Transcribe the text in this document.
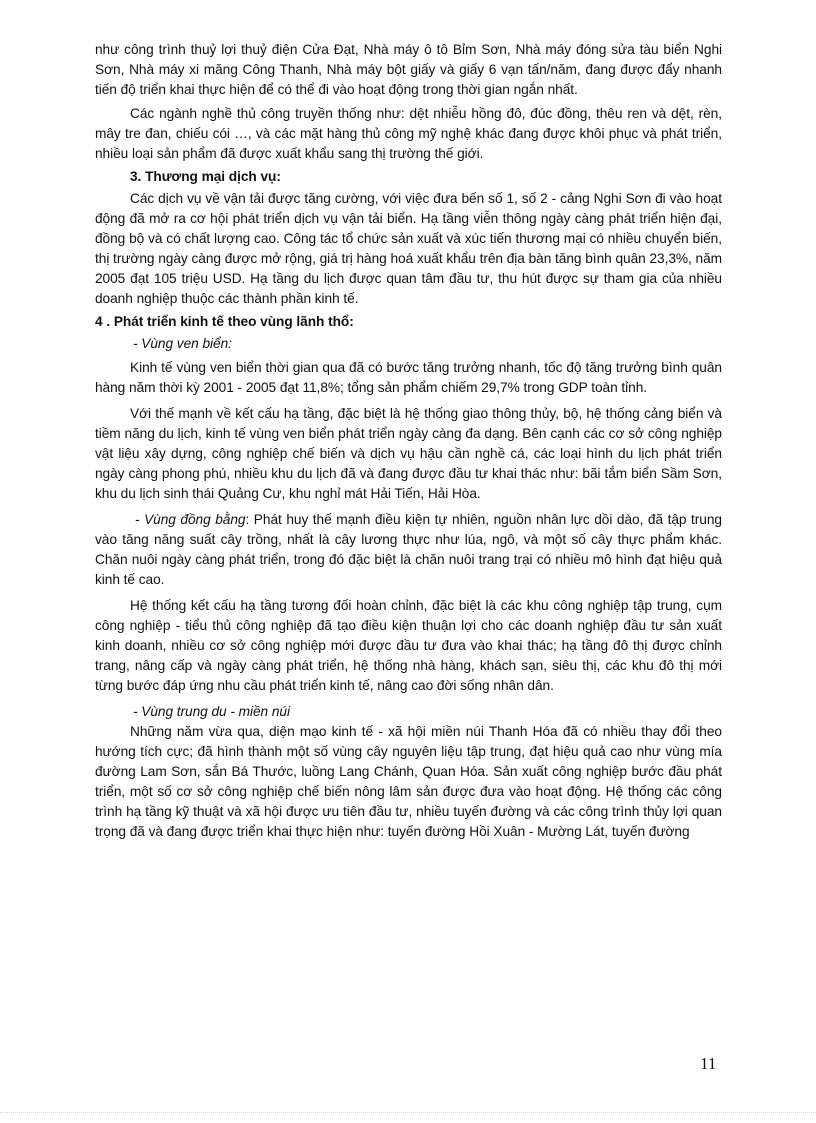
như công trình thuỷ lợi thuỷ điện Cửa Đạt, Nhà máy ô tô Bỉm Sơn, Nhà máy đóng sửa tàu biển Nghi Sơn, Nhà máy xi măng Công Thanh, Nhà máy bột giấy và giấy 6 vạn tấn/năm, đang được đẩy nhanh tiến độ triển khai thực hiện để có thể đi vào hoạt động trong thời gian ngắn nhất.

Các ngành nghề thủ công truyền thống như: dệt nhiễu hồng đô, đúc đồng, thêu ren và dệt, rèn, mây tre đan, chiếu cói …, và các mặt hàng thủ công mỹ nghệ khác đang được khôi phục và phát triển, nhiều loại sản phẩm đã được xuất khẩu sang thị trường thế giới.

3. Thương mại dịch vụ:

Các dịch vụ về vận tải được tăng cường, với việc đưa bến số 1, số 2 - cảng Nghi Sơn đi vào hoạt động đã mở ra cơ hội phát triển dịch vụ vận tải biển. Hạ tầng viễn thông ngày càng phát triển hiện đại, đồng bộ và có chất lượng cao. Công tác tổ chức sản xuất và xúc tiến thương mại có nhiều chuyển biến, thị trường ngày càng được mở rộng, giá trị hàng hoá xuất khẩu trên địa bàn tăng bình quân 23,3%, năm 2005 đạt 105 triệu USD. Hạ tầng du lịch được quan tâm đầu tư, thu hút được sự tham gia của nhiều doanh nghiệp thuộc các thành phần kinh tế.

4 . Phát triển kinh tế theo vùng lãnh thổ:

- Vùng ven biển:

Kinh tế vùng ven biển thời gian qua đã có bước tăng trưởng nhanh, tốc độ tăng trưởng bình quân hàng năm thời kỳ 2001 - 2005 đạt 11,8%; tổng sản phẩm chiếm 29,7% trong GDP toàn tỉnh.

Với thế mạnh về kết cấu hạ tầng, đặc biệt là hệ thống giao thông thủy, bộ, hệ thống cảng biển và tiềm năng du lịch, kinh tế vùng ven biển phát triển ngày càng đa dạng. Bên cạnh các cơ sở công nghiệp vật liệu xây dựng, công nghiệp chế biến và dịch vụ hậu cần nghề cá, các loại hình du lịch phát triển ngày càng phong phú, nhiều khu du lịch đã và đang được đầu tư khai thác như: bãi tắm biển Sầm Sơn, khu du lịch sinh thái Quảng Cư, khu nghỉ mát Hải Tiến, Hải Hòa.

- Vùng đồng bằng: Phát huy thế mạnh điều kiện tự nhiên, nguồn nhân lực dồi dào, đã tập trung vào tăng năng suất cây trồng, nhất là cây lương thực như lúa, ngô, và một số cây thực phẩm khác. Chăn nuôi ngày càng phát triển, trong đó đặc biệt là chăn nuôi trang trại có nhiều mô hình đạt hiệu quả kinh tế cao.

Hệ thống kết cấu hạ tầng tương đối hoàn chỉnh, đặc biệt là các khu công nghiệp tập trung, cụm công nghiệp - tiểu thủ công nghiệp đã tạo điều kiện thuận lợi cho các doanh nghiệp đầu tư sản xuất kinh doanh, nhiều cơ sở công nghiệp mới được đầu tư đưa vào khai thác; hạ tầng đô thị được chỉnh trang, nâng cấp và ngày càng phát triển, hệ thống nhà hàng, khách sạn, siêu thị, các khu đô thị mới từng bước đáp ứng nhu cầu phát triển kinh tế, nâng cao đời sống nhân dân.

- Vùng trung du - miền núi

Những năm vừa qua, diện mạo kinh tế - xã hội miền núi Thanh Hóa đã có nhiều thay đổi theo hướng tích cực; đã hình thành một số vùng cây nguyên liệu tập trung, đạt hiệu quả cao như vùng mía đường Lam Sơn, sắn Bá Thước, luồng Lang Chánh, Quan Hóa. Sản xuất công nghiệp bước đầu phát triển, một số cơ sở công nghiệp chế biến nông lâm sản được đưa vào hoạt động. Hệ thống các công trình hạ tầng kỹ thuật và xã hội được ưu tiên đầu tư, nhiều tuyến đường và các công trình thủy lợi quan trọng đã và đang được triển khai thực hiện như: tuyến đường Hồi Xuân - Mường Lát, tuyến đường

11
